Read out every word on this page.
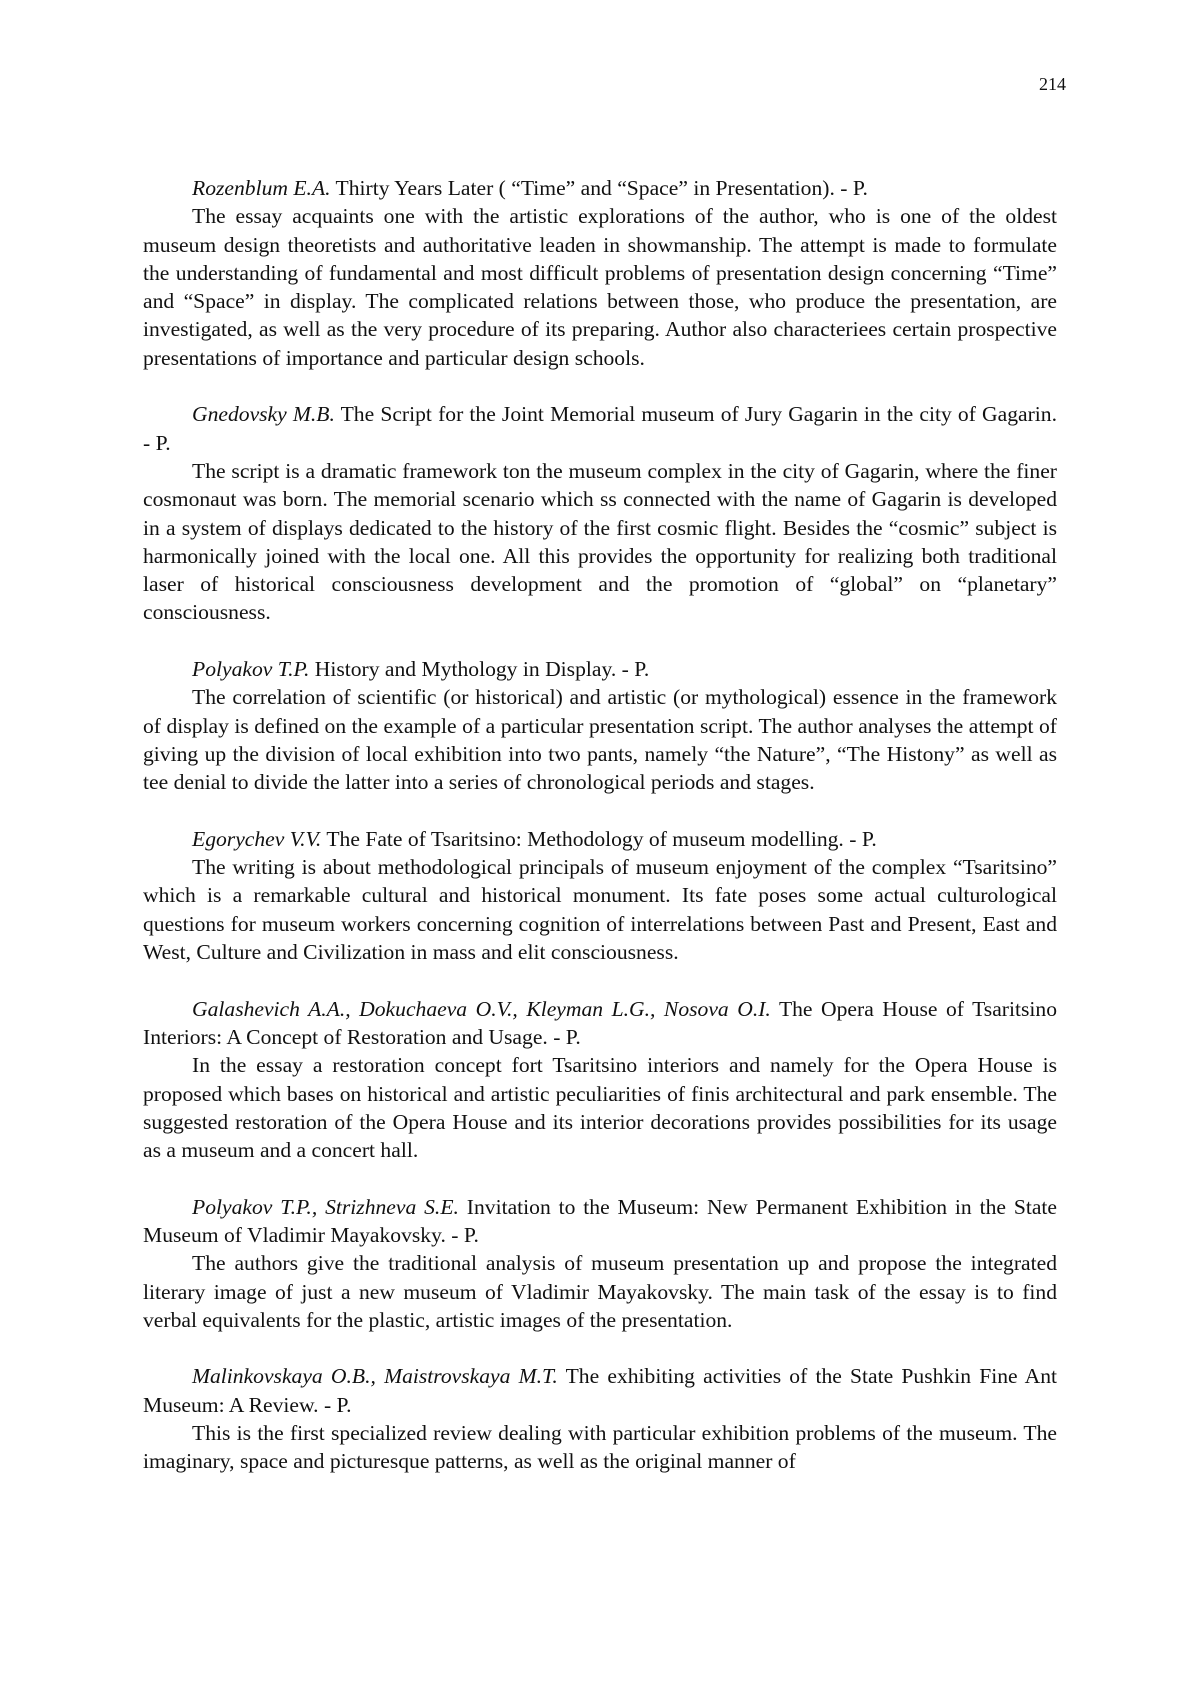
214

Rozenblum E.A. Thirty Years Later ( “Time” and “Space” in Presentation). - P.

The essay acquaints one with the artistic explorations of the author, who is one of the oldest museum design theoretists and authoritative leaden in showmanship. The attempt is made to formulate the understanding of fundamental and most difficult problems of presentation design concerning “Time” and “Space” in display. The complicated relations between those, who produce the presentation, are investigated, as well as the very procedure of its preparing. Author also characteriees certain prospective presentations of importance and particular design schools.

Gnedovsky M.B. The Script for the Joint Memorial museum of Jury Gagarin in the city of Gagarin. - P.

The script is a dramatic framework ton the museum complex in the city of Gagarin, where the finer cosmonaut was born. The memorial scenario which ss connected with the name of Gagarin is developed in a system of displays dedicated to the history of the first cosmic flight. Besides the “cosmic” subject is harmonically joined with the local one. All this provides the opportunity for realizing both traditional laser of historical consciousness development and the promotion of “global” on “planetary” consciousness.

Polyakov T.P. History and Mythology in Display. - P.

The correlation of scientific (or historical) and artistic (or mythological) essence in the framework of display is defined on the example of a particular presentation script. The author analyses the attempt of giving up the division of local exhibition into two pants, namely “the Nature”, “The Histony” as well as tee denial to divide the latter into a series of chronological periods and stages.

Egorychev V.V. The Fate of Tsaritsino: Methodology of museum modelling. - P.

The writing is about methodological principals of museum enjoyment of the complex “Tsaritsino” which is a remarkable cultural and historical monument. Its fate poses some actual culturological questions for museum workers concerning cognition of interrelations between Past and Present, East and West, Culture and Civilization in mass and elit consciousness.

Galashevich A.A., Dokuchaeva O.V., Kleyman L.G., Nosova O.I. The Opera House of Tsaritsino Interiors: A Concept of Restoration and Usage. - P.

In the essay a restoration concept fort Tsaritsino interiors and namely for the Opera House is proposed which bases on historical and artistic peculiarities of finis architectural and park ensemble. The suggested restoration of the Opera House and its interior decorations provides possibilities for its usage as a museum and a concert hall.

Polyakov T.P., Strizhneva S.E. Invitation to the Museum: New Permanent Exhibition in the State Museum of Vladimir Mayakovsky. - P.

The authors give the traditional analysis of museum presentation up and propose the integrated literary image of just a new museum of Vladimir Mayakovsky. The main task of the essay is to find verbal equivalents for the plastic, artistic images of the presentation.

Malinkovskaya O.B., Maistrovskaya M.T. The exhibiting activities of the State Pushkin Fine Ant Museum: A Review. - P.

This is the first specialized review dealing with particular exhibition problems of the museum. The imaginary, space and picturesque patterns, as well as the original manner of
